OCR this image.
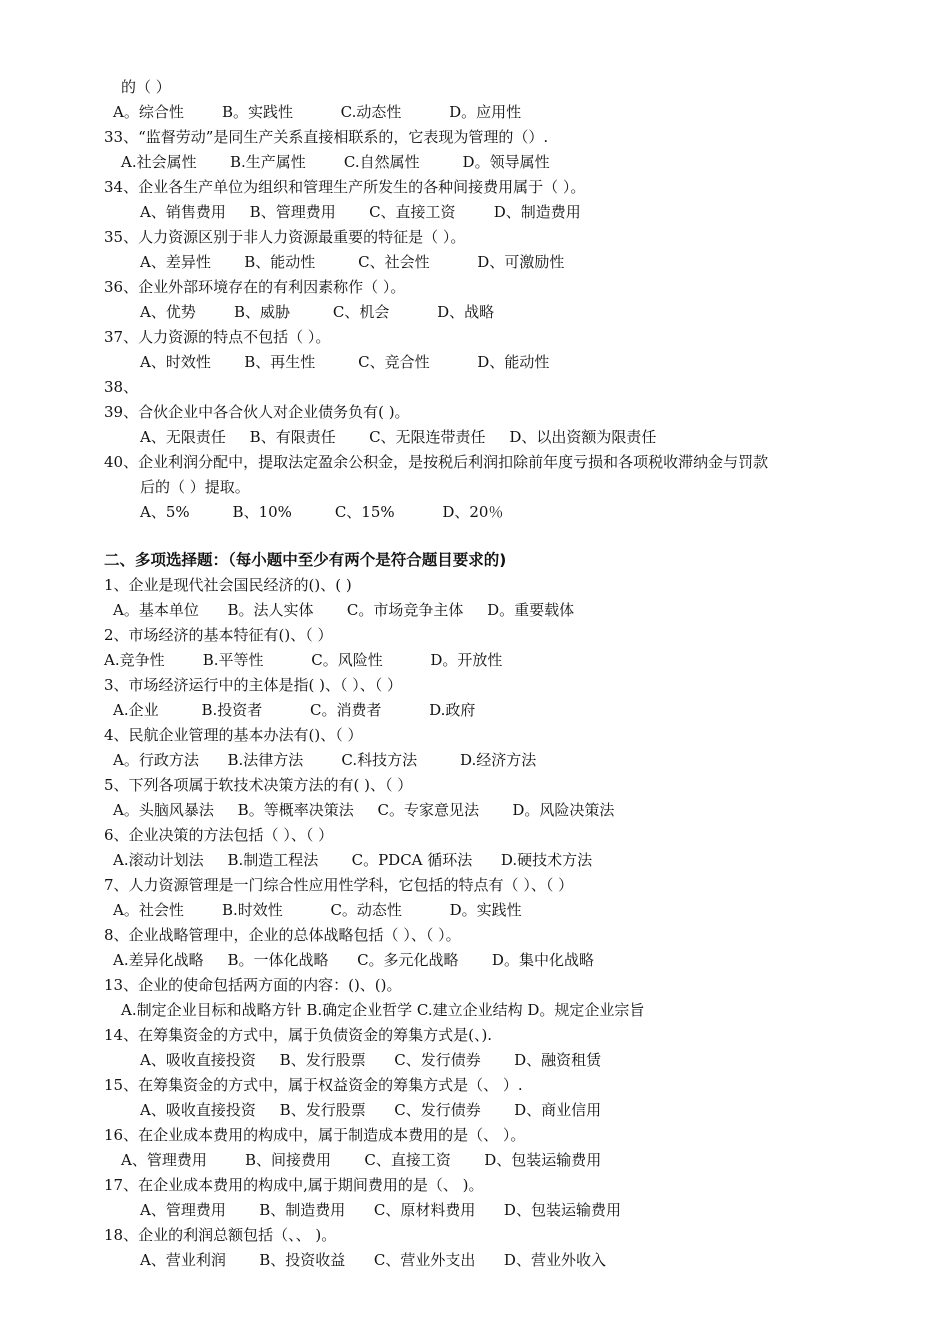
的（ ）
A。综合性        B。实践性          C.动态性          D。应用性
33、“监督劳动”是同生产关系直接相联系的，它表现为管理的（）.
A.社会属性       B.生产属性        C.自然属性         D。领导属性
34、企业各生产单位为组织和管理生产所发生的各种间接费用属于（ ）。
A、销售费用     B、管理费用       C、直接工资        D、制造费用
35、人力资源区别于非人力资源最重要的特征是（ ）。
A、差异性       B、能动性         C、社会性          D、可激励性
36、企业外部环境存在的有利因素称作（ ）。
A、优势        B、威胁         C、机会          D、战略
37、人力资源的特点不包括（ ）。
A、时效性       B、再生性         C、竞合性          D、能动性
38、
39、合伙企业中各合伙人对企业债务负有( )。
A、无限责任     B、有限责任       C、无限连带责任     D、以出资额为限责任
40、企业利润分配中，提取法定盈余公积金，是按税后利润扣除前年度亏损和各项税收滞纳金与罚款
后的（ ）提取。
A、5%         B、10%         C、15%          D、20％
二、多项选择题：（每小题中至少有两个是符合题目要求的)
1、企业是现代社会国民经济的()、( )
A。基本单位      B。法人实体       C。市场竞争主体     D。重要载体
2、市场经济的基本特征有()、（ ）
A.竞争性        B.平等性          C。风险性          D。开放性
3、市场经济运行中的主体是指( )、（ ）、（ ）
A.企业         B.投资者          C。消费者          D.政府
4、民航企业管理的基本办法有()、（ ）
A。行政方法      B.法律方法        C.科技方法         D.经济方法
5、下列各项属于软技术决策方法的有( )、（ ）
A。头脑风暴法     B。等概率决策法     C。专家意见法       D。风险决策法
6、企业决策的方法包括（ ）、（ ）
A.滚动计划法     B.制造工程法       C。PDCA 循环法      D.硬技术方法
7、人力资源管理是一门综合性应用性学科，它包括的特点有（ ）、（ ）
A。社会性        B.时效性          C。动态性          D。实践性
8、企业战略管理中，企业的总体战略包括（ ）、（ ）。
A.差异化战略     B。一体化战略      C。多元化战略       D。集中化战略
13、企业的使命包括两方面的内容：()、()。
A.制定企业目标和战略方针 B.确定企业哲学 C.建立企业结构 D。规定企业宗旨
14、在筹集资金的方式中，属于负债资金的筹集方式是(、).
A、吸收直接投资     B、发行股票      C、发行债券       D、融资租赁
15、在筹集资金的方式中，属于权益资金的筹集方式是（、 ）.
A、吸收直接投资     B、发行股票      C、发行债券       D、商业信用
16、在企业成本费用的构成中，属于制造成本费用的是（、 ）。
A、管理费用        B、间接费用       C、直接工资       D、包装运输费用
17、在企业成本费用的构成中,属于期间费用的是（、 )。
A、管理费用       B、制造费用      C、原材料费用      D、包装运输费用
18、企业的利润总额包括（、、 )。
A、营业利润       B、投资收益      C、营业外支出      D、营业外收入
